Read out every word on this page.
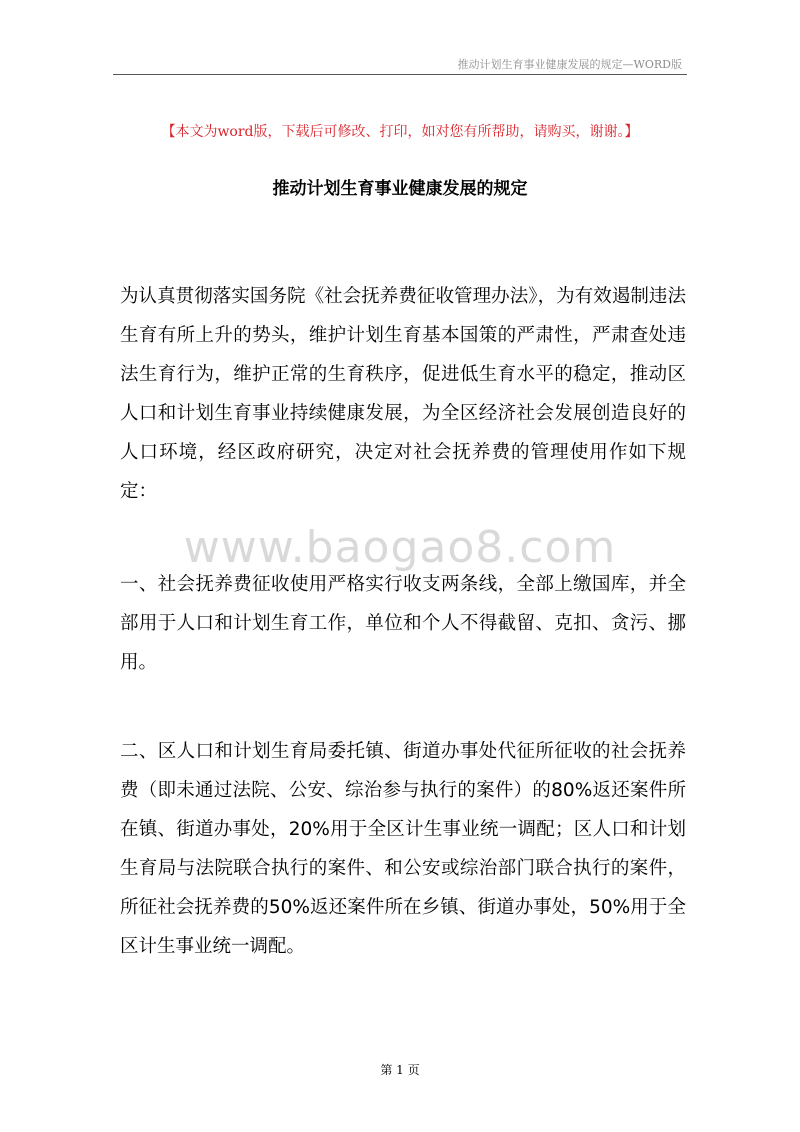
推动计划生育事业健康发展的规定—WORD版
【本文为word版，下载后可修改、打印，如对您有所帮助，请购买，谢谢。】
推动计划生育事业健康发展的规定
为认真贯彻落实国务院《社会抚养费征收管理办法》，为有效遏制违法生育有所上升的势头，维护计划生育基本国策的严肃性，严肃查处违法生育行为，维护正常的生育秩序，促进低生育水平的稳定，推动区人口和计划生育事业持续健康发展，为全区经济社会发展创造良好的人口环境，经区政府研究，决定对社会抚养费的管理使用作如下规定：
www.baogao8.com
一、社会抚养费征收使用严格实行收支两条线，全部上缴国库，并全部用于人口和计划生育工作，单位和个人不得截留、克扣、贪污、挪用。
二、区人口和计划生育局委托镇、街道办事处代征所征收的社会抚养费（即未通过法院、公安、综治参与执行的案件）的80%返还案件所在镇、街道办事处，20%用于全区计生事业统一调配；区人口和计划生育局与法院联合执行的案件、和公安或综治部门联合执行的案件，所征社会抚养费的50%返还案件所在乡镇、街道办事处，50%用于全区计生事业统一调配。
第 1 页
